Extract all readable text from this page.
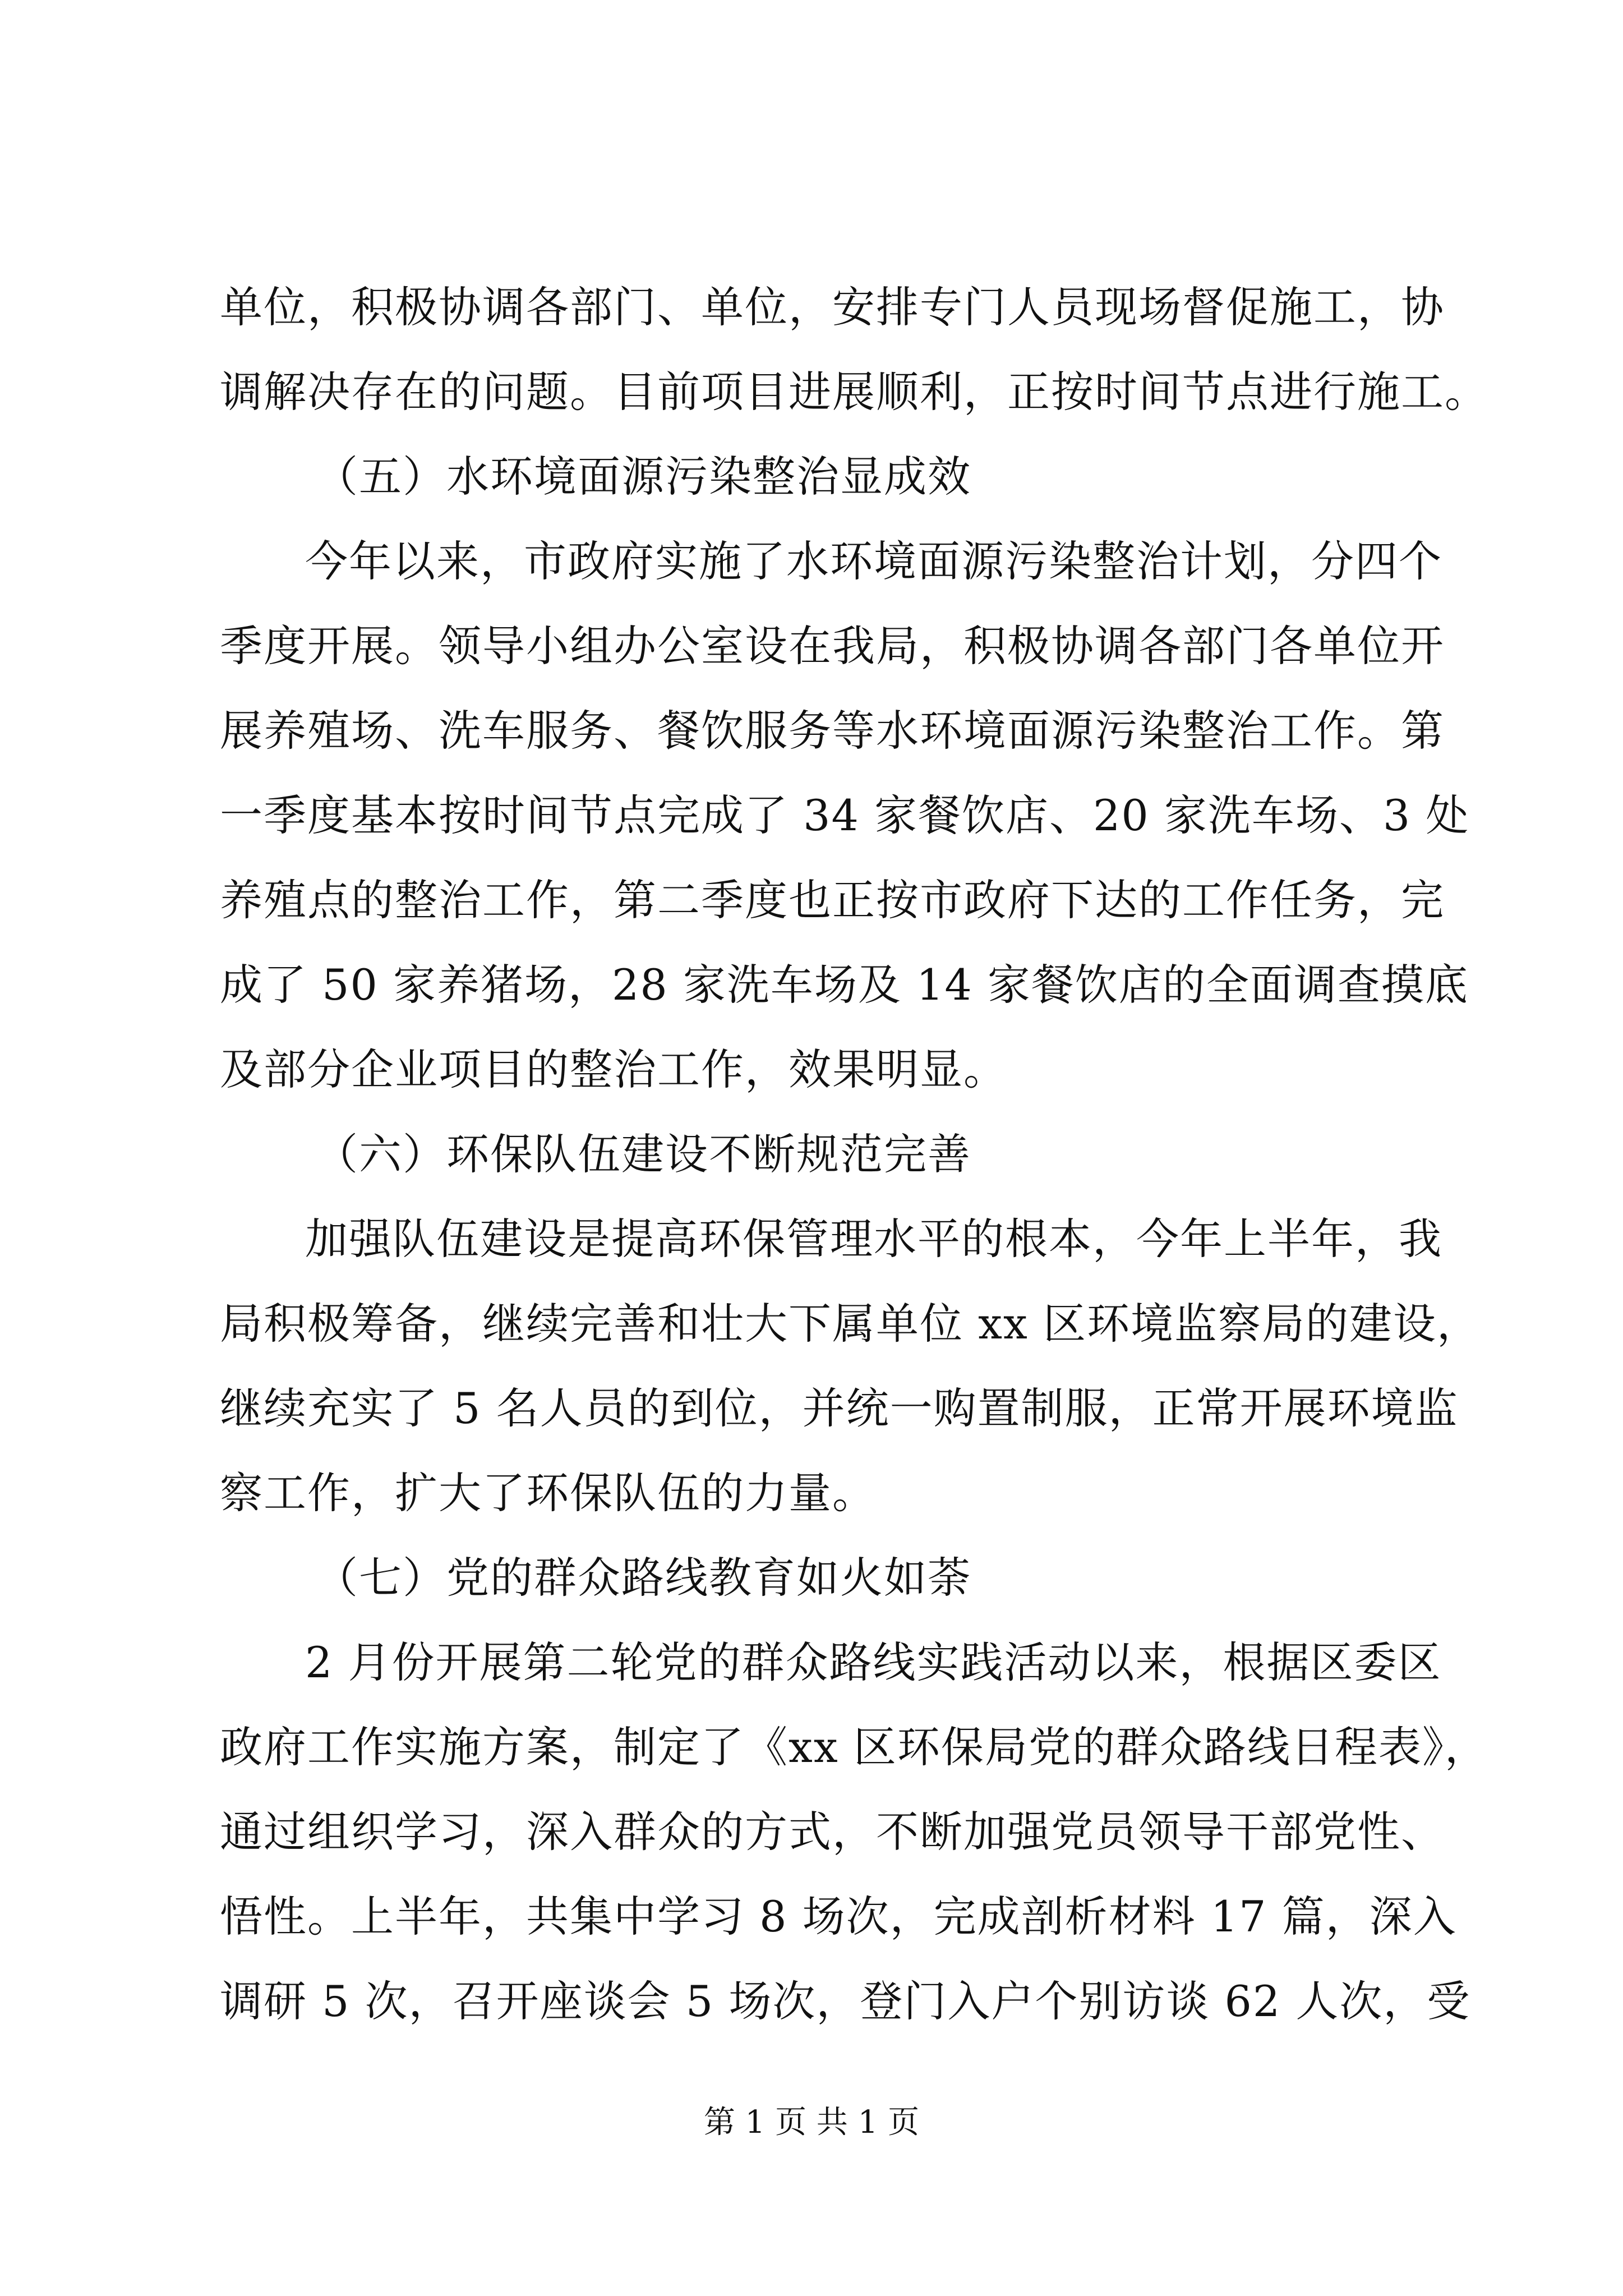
单位，积极协调各部门、单位，安排专门人员现场督促施工，协
调解决存在的问题。目前项目进展顺利，正按时间节点进行施工。
（五）水环境面源污染整治显成效
今年以来，市政府实施了水环境面源污染整治计划，分四个
季度开展。领导小组办公室设在我局，积极协调各部门各单位开
展养殖场、洗车服务、餐饮服务等水环境面源污染整治工作。第
一季度基本按时间节点完成了 34 家餐饮店、20 家洗车场、3 处
养殖点的整治工作，第二季度也正按市政府下达的工作任务，完
成了 50 家养猪场，28 家洗车场及 14 家餐饮店的全面调查摸底
及部分企业项目的整治工作，效果明显。
（六）环保队伍建设不断规范完善
加强队伍建设是提高环保管理水平的根本，今年上半年，我
局积极筹备，继续完善和壮大下属单位 xx 区环境监察局的建设，
继续充实了 5 名人员的到位，并统一购置制服，正常开展环境监
察工作，扩大了环保队伍的力量。
（七）党的群众路线教育如火如荼
2 月份开展第二轮党的群众路线实践活动以来，根据区委区
政府工作实施方案，制定了《xx 区环保局党的群众路线日程表》，
通过组织学习，深入群众的方式，不断加强党员领导干部党性、
悟性。上半年，共集中学习 8 场次，完成剖析材料 17 篇，深入
调研 5 次，召开座谈会 5 场次，登门入户个别访谈 62 人次，受
第 1 页 共 1 页
